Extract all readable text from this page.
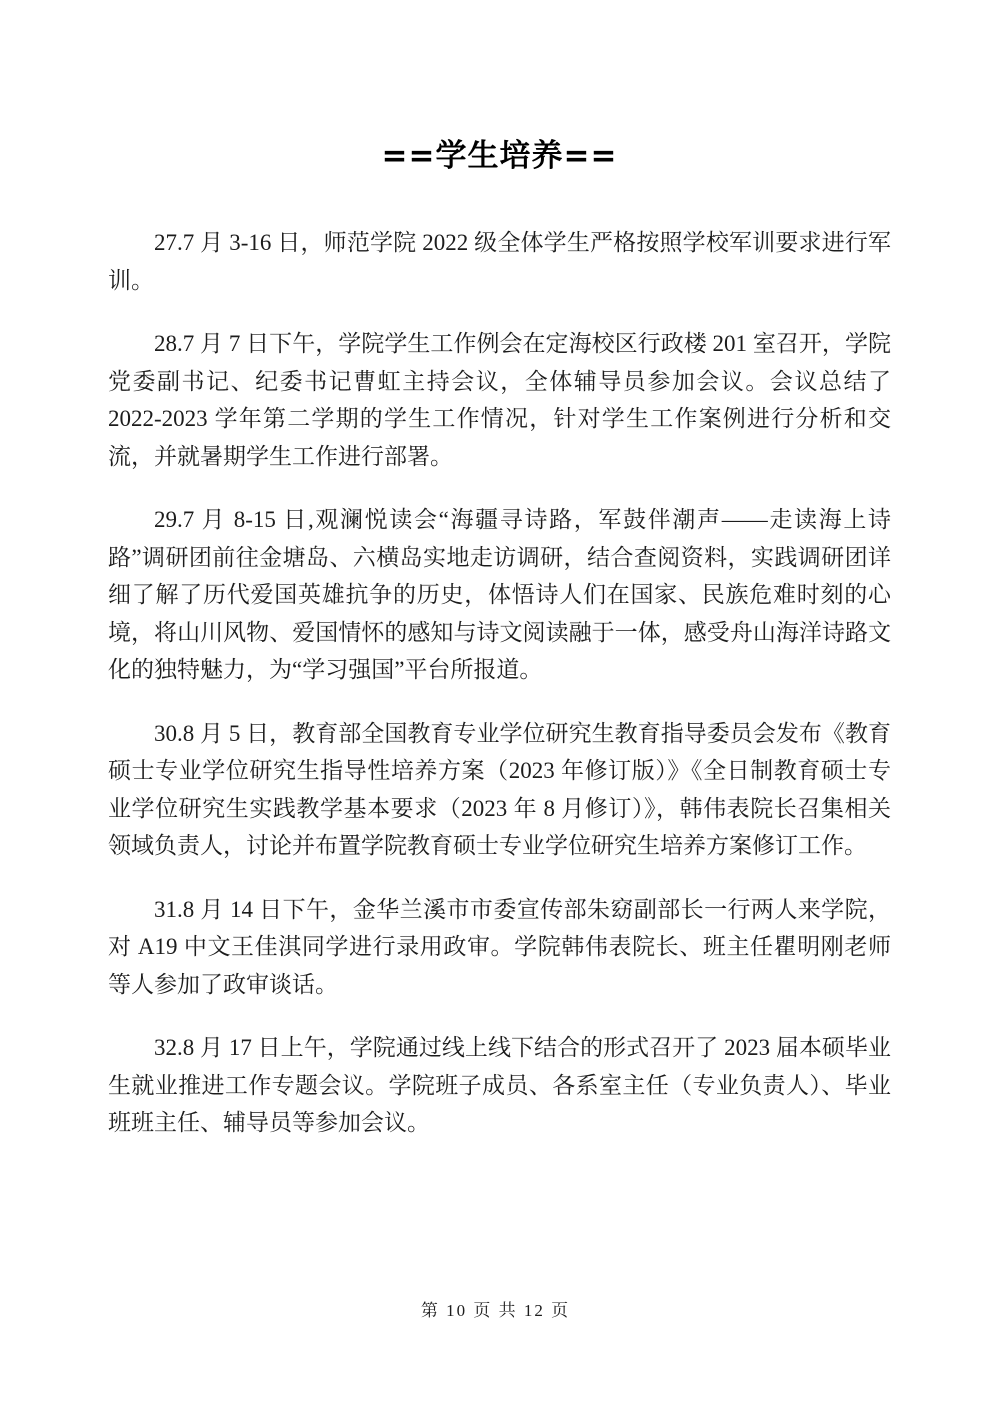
==学生培养==

27.7 月 3-16 日，师范学院 2022 级全体学生严格按照学校军训要求进行军训。

28.7 月 7 日下午，学院学生工作例会在定海校区行政楼 201 室召开，学院党委副书记、纪委书记曹虹主持会议，全体辅导员参加会议。会议总结了 2022-2023 学年第二学期的学生工作情况，针对学生工作案例进行分析和交流，并就暑期学生工作进行部署。

29.7 月 8-15 日,观澜悦读会“海疆寻诗路，军鼓伴潮声——走读海上诗路”调研团前往金塘岛、六横岛实地走访调研，结合查阅资料，实践调研团详细了解了历代爱国英雄抗争的历史，体悟诗人们在国家、民族危难时刻的心境，将山川风物、爱国情怀的感知与诗文阅读融于一体，感受舟山海洋诗路文化的独特魅力，为“学习强国”平台所报道。

30.8 月 5 日，教育部全国教育专业学位研究生教育指导委员会发布《教育硕士专业学位研究生指导性培养方案（2023 年修订版）》《全日制教育硕士专业学位研究生实践教学基本要求（2023 年 8 月修订）》，韩伟表院长召集相关领域负责人，讨论并布置学院教育硕士专业学位研究生培养方案修订工作。

31.8 月 14 日下午，金华兰溪市市委宣传部朱窈副部长一行两人来学院，对 A19 中文王佳淇同学进行录用政审。学院韩伟表院长、班主任瞿明刚老师等人参加了政审谈话。

32.8 月 17 日上午，学院通过线上线下结合的形式召开了 2023 届本硕毕业生就业推进工作专题会议。学院班子成员、各系室主任（专业负责人）、毕业班班主任、辅导员等参加会议。

第 10 页 共 12 页
